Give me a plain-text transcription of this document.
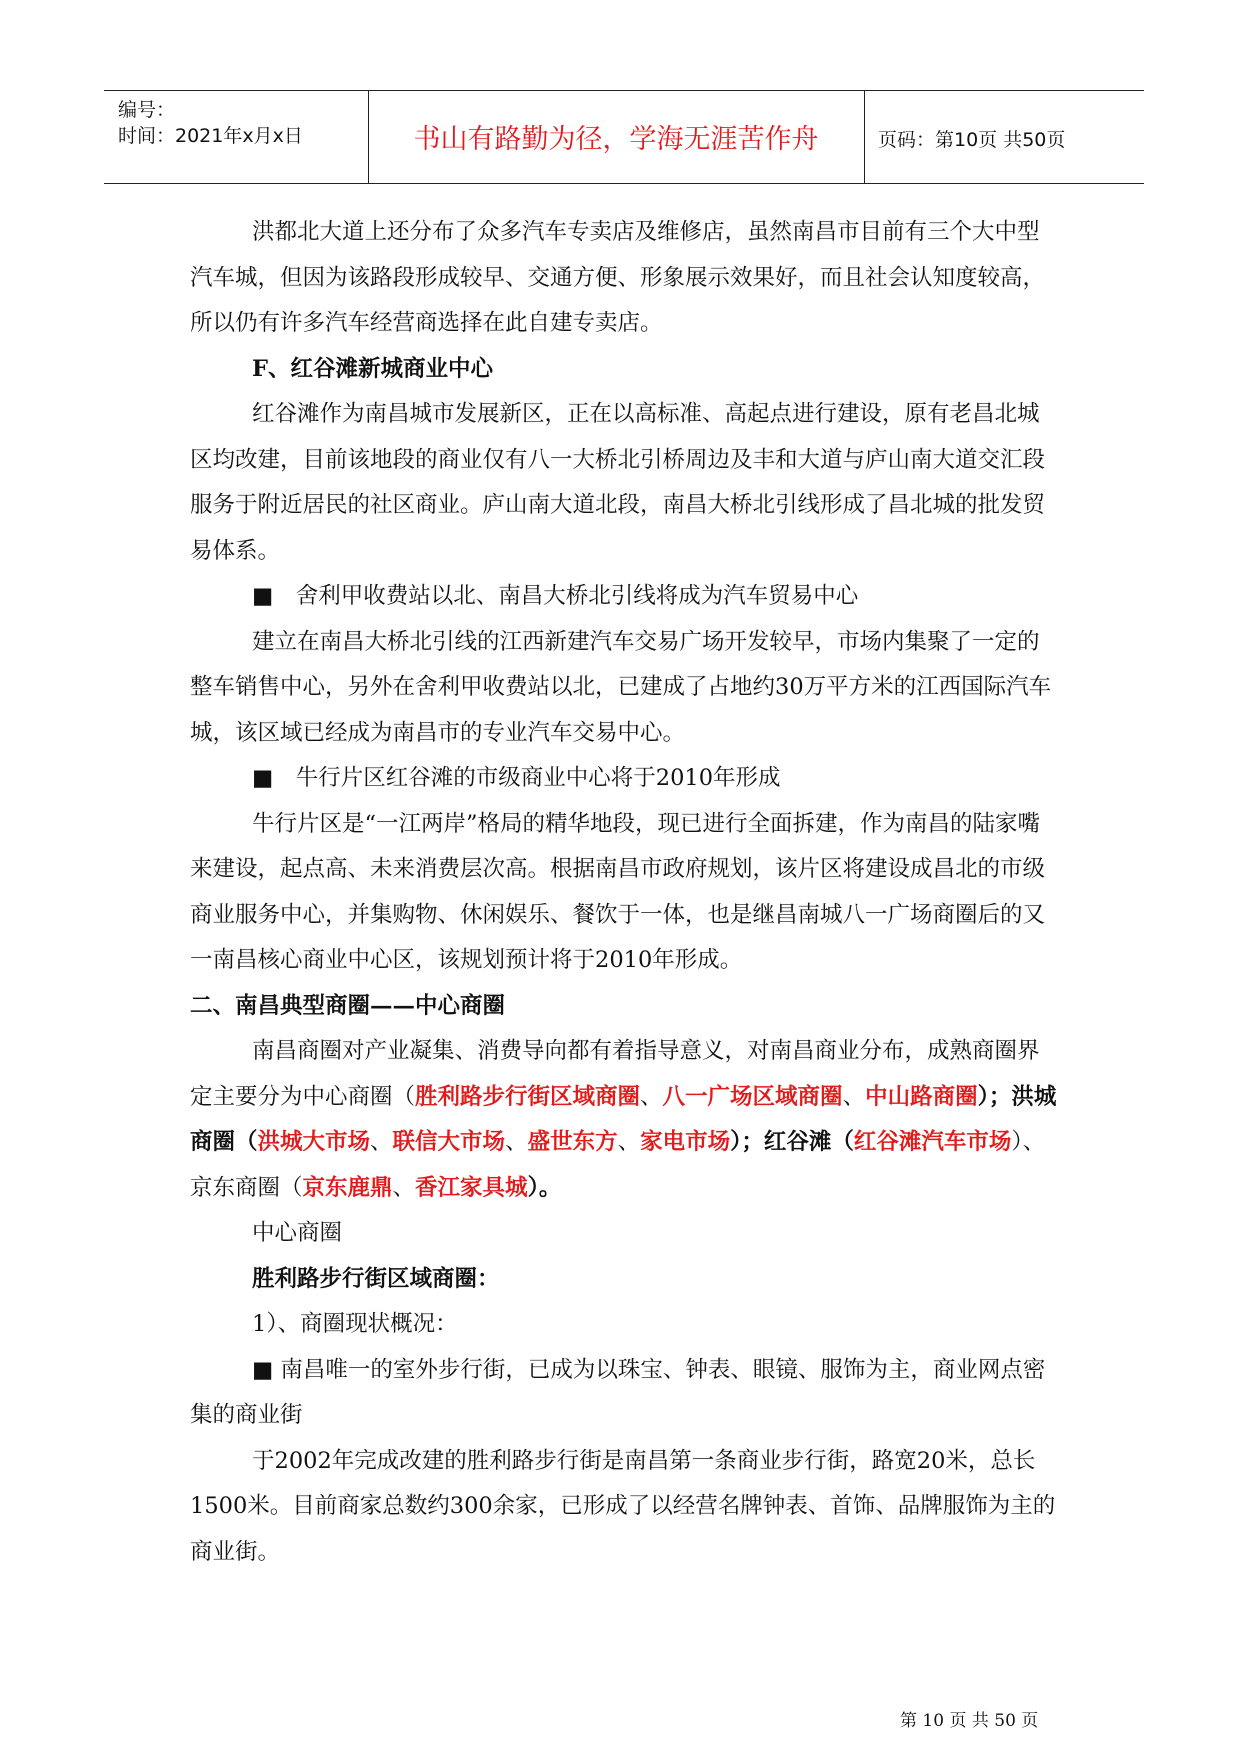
编号：
时间：2021年x月x日	书山有路勤为径，学海无涯苦作舟	页码：第10页 共50页

洪都北大道上还分布了众多汽车专卖店及维修店，虽然南昌市目前有三个大中型汽车城，但因为该路段形成较早、交通方便、形象展示效果好，而且社会认知度较高，所以仍有许多汽车经营商选择在此自建专卖店。

F、红谷滩新城商业中心

红谷滩作为南昌城市发展新区，正在以高标准、高起点进行建设，原有老昌北城区均改建，目前该地段的商业仅有八一大桥北引桥周边及丰和大道与庐山南大道交汇段服务于附近居民的社区商业。庐山南大道北段，南昌大桥北引线形成了昌北城的批发贸易体系。

■　舍利甲收费站以北、南昌大桥北引线将成为汽车贸易中心

建立在南昌大桥北引线的江西新建汽车交易广场开发较早，市场内集聚了一定的整车销售中心，另外在舍利甲收费站以北，已建成了占地约30万平方米的江西国际汽车城，该区域已经成为南昌市的专业汽车交易中心。

■　牛行片区红谷滩的市级商业中心将于2010年形成

牛行片区是“一江两岸”格局的精华地段，现已进行全面拆建，作为南昌的陆家嘴来建设，起点高、未来消费层次高。根据南昌市政府规划，该片区将建设成昌北的市级商业服务中心，并集购物、休闲娱乐、餐饮于一体，也是继昌南城八一广场商圈后的又一南昌核心商业中心区，该规划预计将于2010年形成。

二、南昌典型商圈——中心商圈

南昌商圈对产业凝集、消费导向都有着指导意义，对南昌商业分布，成熟商圈界定主要分为中心商圈（胜利路步行街区域商圈、八一广场区域商圈、中山路商圈）；洪城商圈（洪城大市场、联信大市场、盛世东方、家电市场）；红谷滩（红谷滩汽车市场）、京东商圈（京东鹿鼎、香江家具城）。

中心商圈

胜利路步行街区域商圈：

1）、商圈现状概况：

■ 南昌唯一的室外步行街，已成为以珠宝、钟表、眼镜、服饰为主，商业网点密集的商业街

于2002年完成改建的胜利路步行街是南昌第一条商业步行街，路宽20米，总长1500米。目前商家总数约300余家，已形成了以经营名牌钟表、首饰、品牌服饰为主的商业街。

第 10 页 共 50 页
